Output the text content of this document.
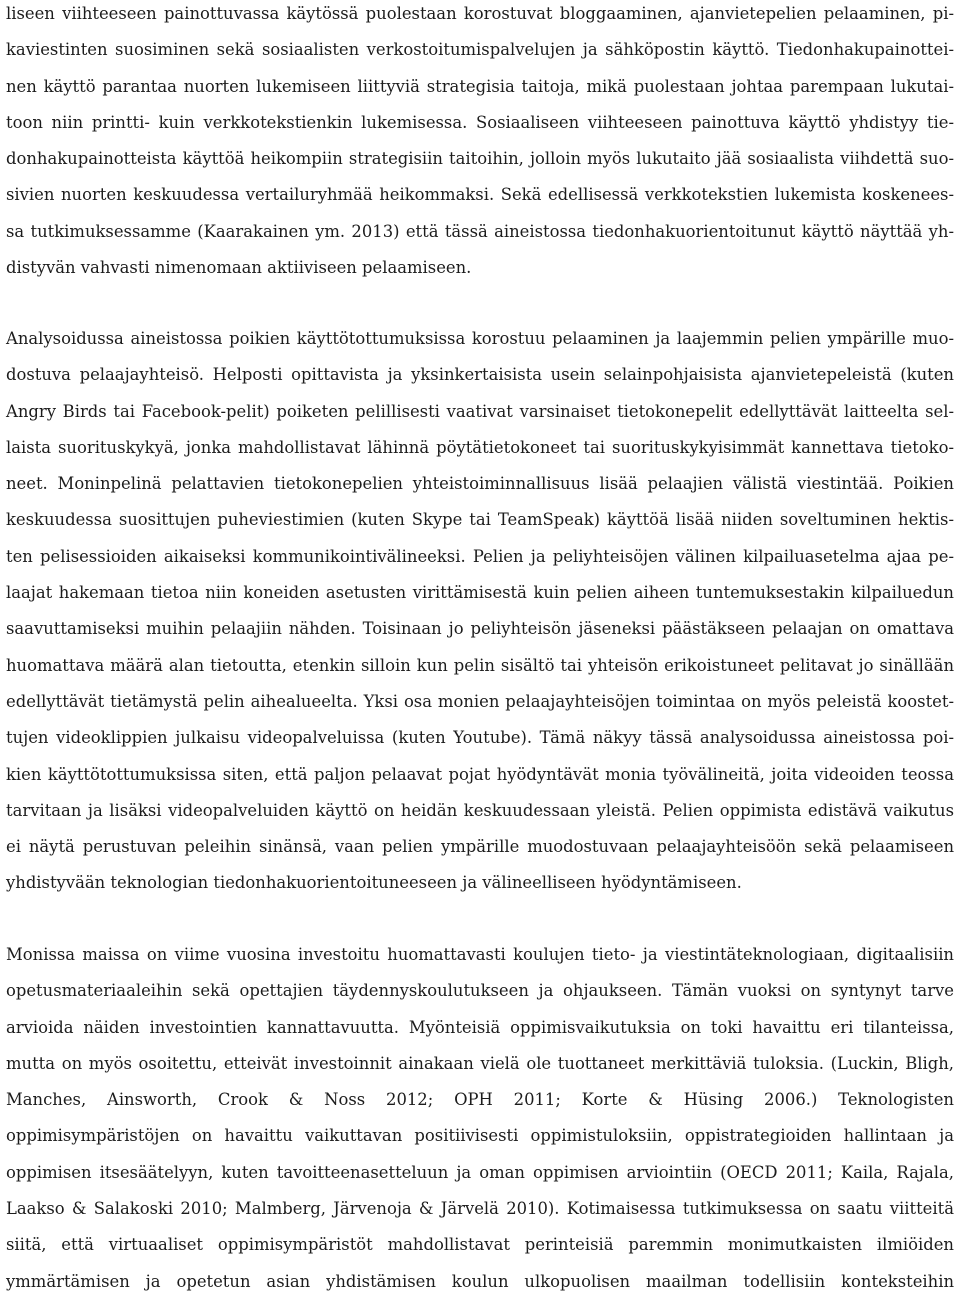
liseen viihteeseen painottuvassa käytössä puolestaan korostuvat bloggaaminen, ajanvietepelien pelaaminen, pi-
kaviestinten suosiminen sekä sosiaalisten verkostoitumispalvelujen ja sähköpostin käyttö. Tiedonhakupainottei-
nen käyttö parantaa nuorten lukemiseen liittyviä strategisia taitoja, mikä puolestaan johtaa parempaan lukutai-
toon niin printti- kuin verkkotekstienkin lukemisessa. Sosiaaliseen viihteeseen painottuva käyttö yhdistyy tie-
donhakupainotteista käyttöä heikompiin strategisiin taitoihin, jolloin myös lukutaito jää sosiaalista viihdettä suo-
sivien nuorten keskuudessa vertailuryhmää heikommaksi. Sekä edellisessä verkkotekstien lukemista koskenees-
sa tutkimuksessamme (Kaarakainen ym. 2013) että tässä aineistossa tiedonhakuorientoitunut käyttö näyttää yh-
distyvän vahvasti nimenomaan aktiiviseen pelaamiseen.
Analysoidussa aineistossa poikien käyttötottumuksissa korostuu pelaaminen ja laajemmin pelien ympärille muo-
dostuva pelaajayhteisö. Helposti opittavista ja yksinkertaisista usein selainpohjaisista ajanvietepeleistä (kuten
Angry Birds tai Facebook-pelit) poiketen pelillisesti vaativat varsinaiset tietokonepelit edellyttävät laitteelta sel-
laista suorituskykyä, jonka mahdollistavat lähinnä pöytätietokoneet tai suorituskykyisimmät kannettava tietoko-
neet. Moninpelinä pelattavien tietokonepelien yhteistoiminnallisuus lisää pelaajien välistä viestintää. Poikien
keskuudessa suosittujen puheviestimien (kuten Skype tai TeamSpeak) käyttöä lisää niiden soveltuminen hektis-
ten pelisessioiden aikaiseksi kommunikointivälineeksi. Pelien ja peliyhteisöjen välinen kilpailuasetelma ajaa pe-
laajat hakemaan tietoa niin koneiden asetusten virittämisestä kuin pelien aiheen tuntemuksestakin kilpailuedun
saavuttamiseksi muihin pelaajiin nähden. Toisinaan jo peliyhteisön jäseneksi päästäkseen pelaajan on omattava
huomattava määrä alan tietoutta, etenkin silloin kun pelin sisältö tai yhteisön erikoistuneet pelitavat jo sinällään
edellyttävät tietämystä pelin aihealueelta. Yksi osa monien pelaajayhteisöjen toimintaa on myös peleistä koostet-
tujen videoklippien julkaisu videopalveluissa (kuten Youtube). Tämä näkyy tässä analysoidussa aineistossa poi-
kien käyttötottumuksissa siten, että paljon pelaavat pojat hyödyntävät monia työvälineitä, joita videoiden teossa
tarvitaan ja lisäksi videopalveluiden käyttö on heidän keskuudessaan yleistä. Pelien oppimista edistävä vaikutus
ei näytä perustuvan peleihin sinänsä, vaan pelien ympärille muodostuvaan pelaajayhteisöön sekä pelaamiseen
yhdistyvään teknologian tiedonhakuorientoituneeseen ja välineelliseen hyödyntämiseen.
Monissa maissa on viime vuosina investoitu huomattavasti koulujen tieto- ja viestintäteknologiaan, digitaalisiin
opetusmateriaaleihin sekä opettajien täydennyskoulutukseen ja ohjaukseen. Tämän vuoksi on syntynyt tarve
arvioida näiden investointien kannattavuutta. Myönteisiä oppimisvaikutuksia on toki havaittu eri tilanteissa,
mutta on myös osoitettu, etteivät investoinnit ainakaan vielä ole tuottaneet merkittäviä tuloksia. (Luckin, Bligh,
Manches, Ainsworth, Crook & Noss 2012; OPH 2011; Korte & Hüsing 2006.) Teknologisten
oppimisympäristöjen on havaittu vaikuttavan positiivisesti oppimistuloksiin, oppistrategioiden hallintaan ja
oppimisen itsesäätelyyn, kuten tavoitteenasetteluun ja oman oppimisen arviointiin (OECD 2011; Kaila, Rajala,
Laakso & Salakoski 2010; Malmberg, Järvenoja & Järvelä 2010). Kotimaisessa tutkimuksessa on saatu viitteitä
siitä, että virtuaaliset oppimisympäristöt mahdollistavat perinteisiä paremmin monimutkaisten ilmiöiden
ymmärtämisen ja opetetun asian yhdistämisen koulun ulkopuolisen maailman todellisiin konteksteihin
